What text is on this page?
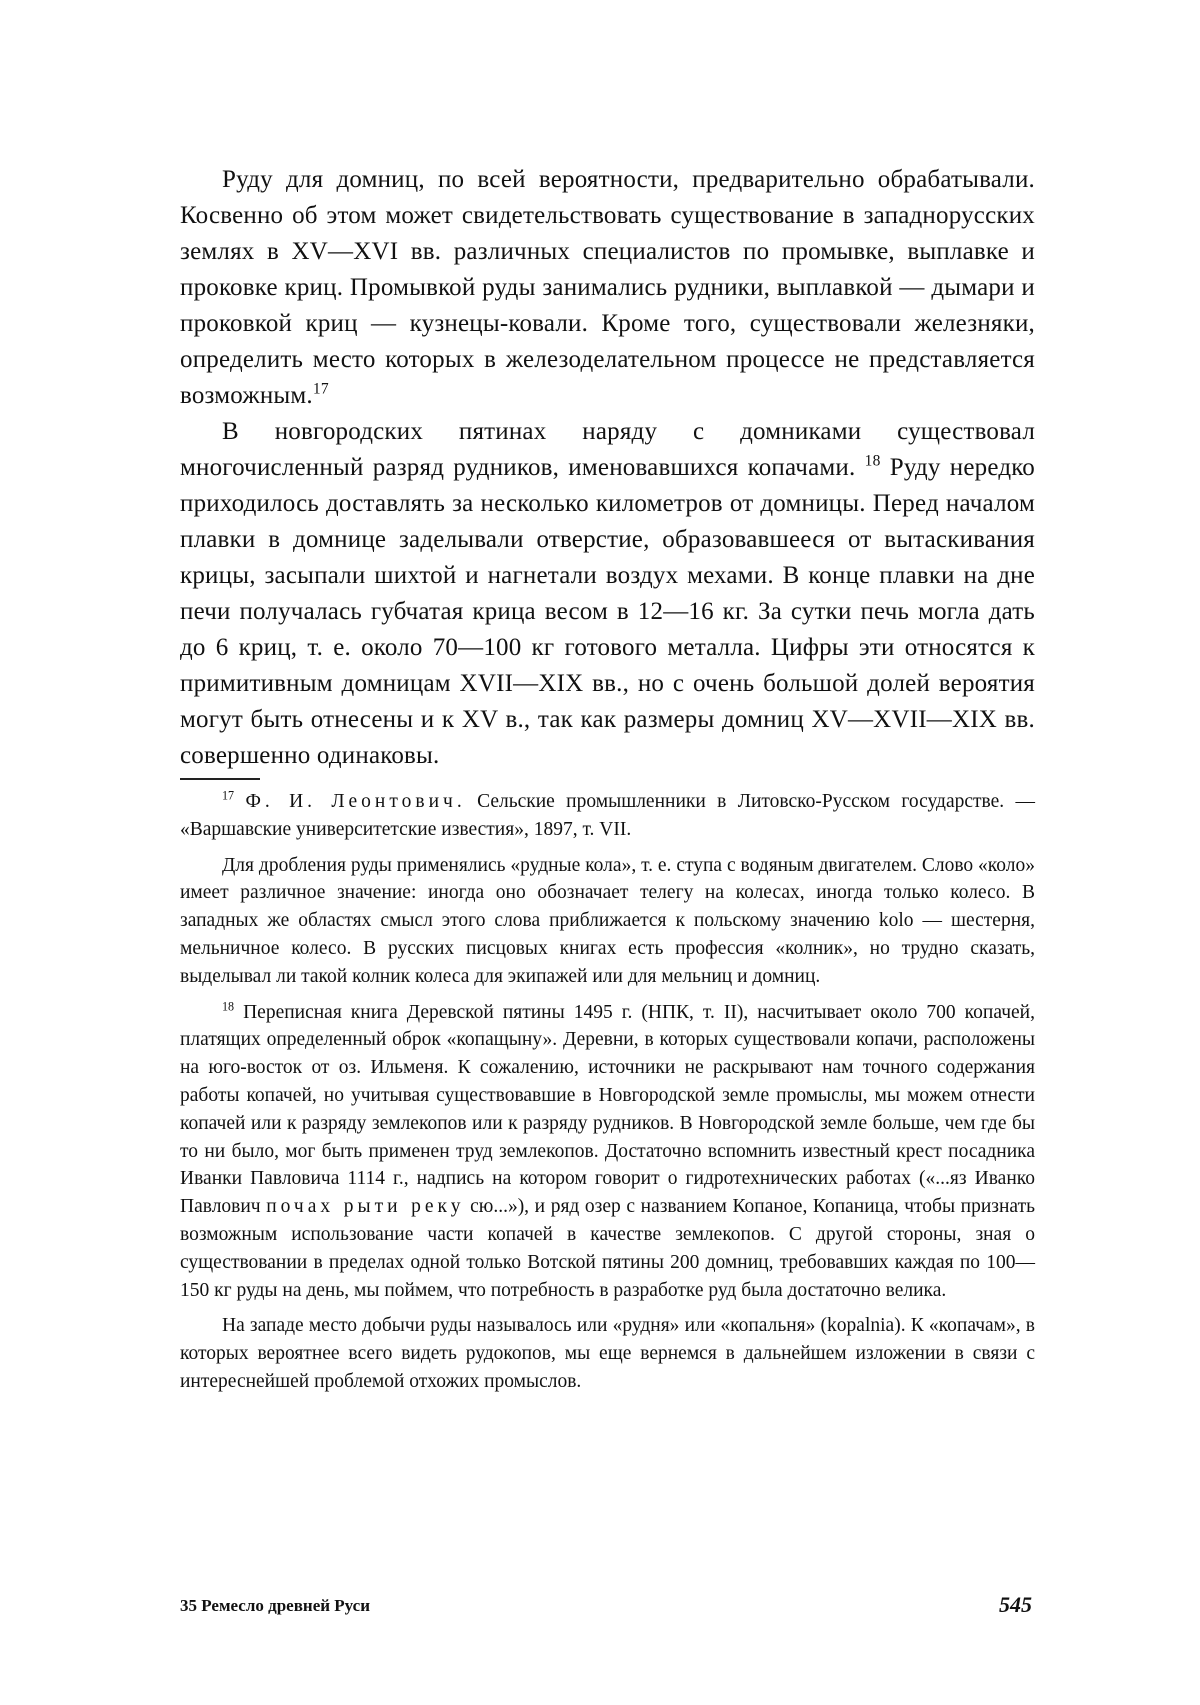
Руду для домниц, по всей вероятности, предварительно обрабатывали. Косвенно об этом может свидетельствовать существование в западнорусских землях в XV—XVI вв. различных специалистов по промывке, выплавке и проковке криц. Промывкой руды занимались рудники, выплавкой — дымари и проковкой криц — кузнецы-ковали. Кроме того, существовали железняки, определить место которых в железоделательном процессе не представляется возможным.$^{17}$

В новгородских пятинах наряду с домниками существовал многочисленный разряд рудников, именовавшихся копачами. $^{18}$ Руду нередко приходилось доставлять за несколько километров от домницы. Перед началом плавки в домнице заделывали отверстие, образовавшееся от вытаскивания крицы, засыпали шихтой и нагнетали воздух мехами. В конце плавки на дне печи получалась губчатая крица весом в 12—16 кг. За сутки печь могла дать до 6 криц, т. е. около 70—100 кг готового металла. Цифры эти относятся к примитивным домницам XVII—XIX вв., но с очень большой долей вероятия могут быть отнесены и к XV в., так как размеры домниц XV—XVII—XIX вв. совершенно одинаковы.

$^{17}$ Ф. И. Леонтович. Сельские промышленники в Литовско-Русском государстве. — «Варшавские университетские известия», 1897, т. VII.

Для дробления руды применялись «рудные кола», т. е. ступа с водяным двигателем. Слово «коло» имеет различное значение: иногда оно обозначает телегу на колесах, иногда только колесо. В западных же областях смысл этого слова приближается к польскому значению kolo — шестерня, мельничное колесо. В русских писцовых книгах есть профессия «колник», но трудно сказать, выделывал ли такой колник колеса для экипажей или для мельниц и домниц.

$^{18}$ Переписная книга Деревской пятины 1495 г. (НПК, т. II), насчитывает около 700 копачей, платящих определенный оброк «копащыну». Деревни, в которых существовали копачи, расположены на юго-восток от оз. Ильменя. К сожалению, источники не раскрывают нам точного содержания работы копачей, но учитывая существовавшие в Новгородской земле промыслы, мы можем отнести копачей или к разряду землекопов или к разряду рудников. В Новгородской земле больше, чем где бы то ни было, мог быть применен труд землекопов. Достаточно вспомнить известный крест посадника Иванки Павловича 1114 г., надпись на котором говорит о гидротехнических работах («...яз Иванко Павлович почах рыти реку сю...»), и ряд озер с названием Копаное, Копаница, чтобы признать возможным использование части копачей в качестве землекопов. С другой стороны, зная о существовании в пределах одной только Вотской пятины 200 домниц, требовавших каждая по 100—150 кг руды на день, мы поймем, что потребность в разработке руд была достаточно велика.

На западе место добычи руды называлось или «рудня» или «копальня» (kopalnia). К «копачам», в которых вероятнее всего видеть рудокопов, мы еще вернемся в дальнейшем изложении в связи с интереснейшей проблемой отхожих промыслов.

35 Ремесло древней Руси	545
